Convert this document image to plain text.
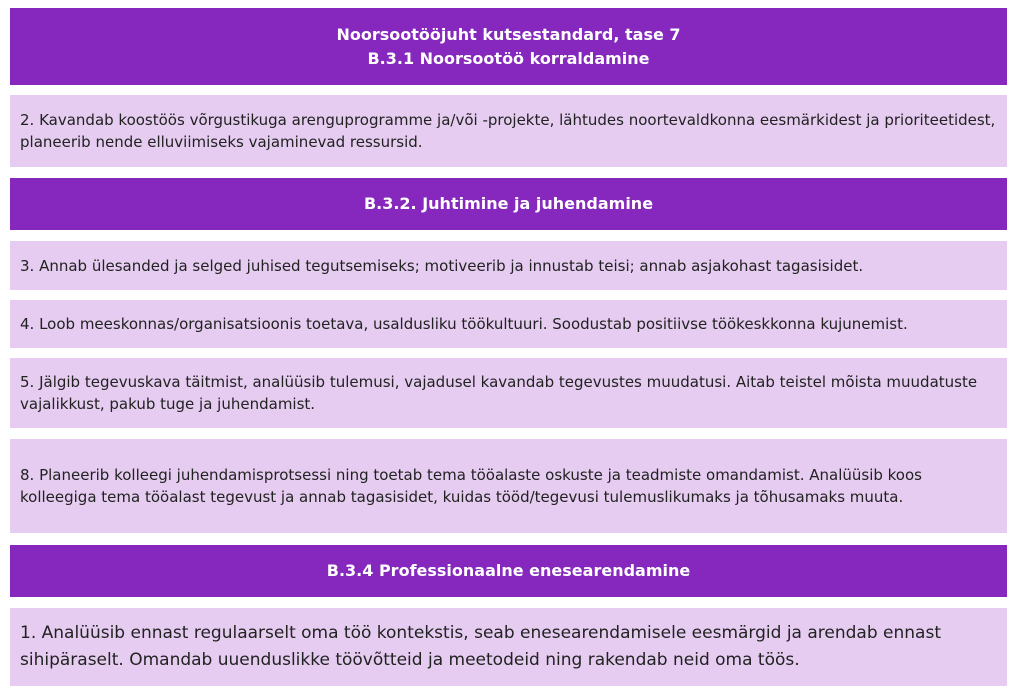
Noorsootööjuht kutsestandard, tase 7
B.3.1 Noorsootöö korraldamine
2. Kavandab koostöös võrgustikuga arenguprogramme ja/või -projekte, lähtudes noortevaldkonna eesmärkidest ja prioriteetidest, planeerib nende elluviimiseks vajaminevad ressursid.
B.3.2. Juhtimine ja juhendamine
3. Annab ülesanded ja selged juhised tegutsemiseks; motiveerib ja innustab teisi; annab asjakohast tagasisidet.
4. Loob meeskonnas/organisatsioonis toetava, usaldusliku töökultuuri. Soodustab positiivse töökeskkonna kujunemist.
5. Jälgib tegevuskava täitmist, analüüsib tulemusi, vajadusel kavandab tegevustes muudatusi. Aitab teistel mõista muudatuste vajalikkust, pakub tuge ja juhendamist.
8. Planeerib kolleegi juhendamisprotsessi ning toetab tema tööalaste oskuste ja teadmiste omandamist. Analüüsib koos kolleegiga tema tööalast tegevust ja annab tagasisidet, kuidas tööd/tegevusi tulemuslikumaks ja tõhusamaks muuta.
B.3.4 Professionaalne enesearendamine
1. Analüüsib ennast regulaarselt oma töö kontekstis, seab enesearendamisele eesmärgid ja arendab ennast sihipäraselt. Omandab uuenduslikke töövõtteid ja meetodeid ning rakendab neid oma töös.
